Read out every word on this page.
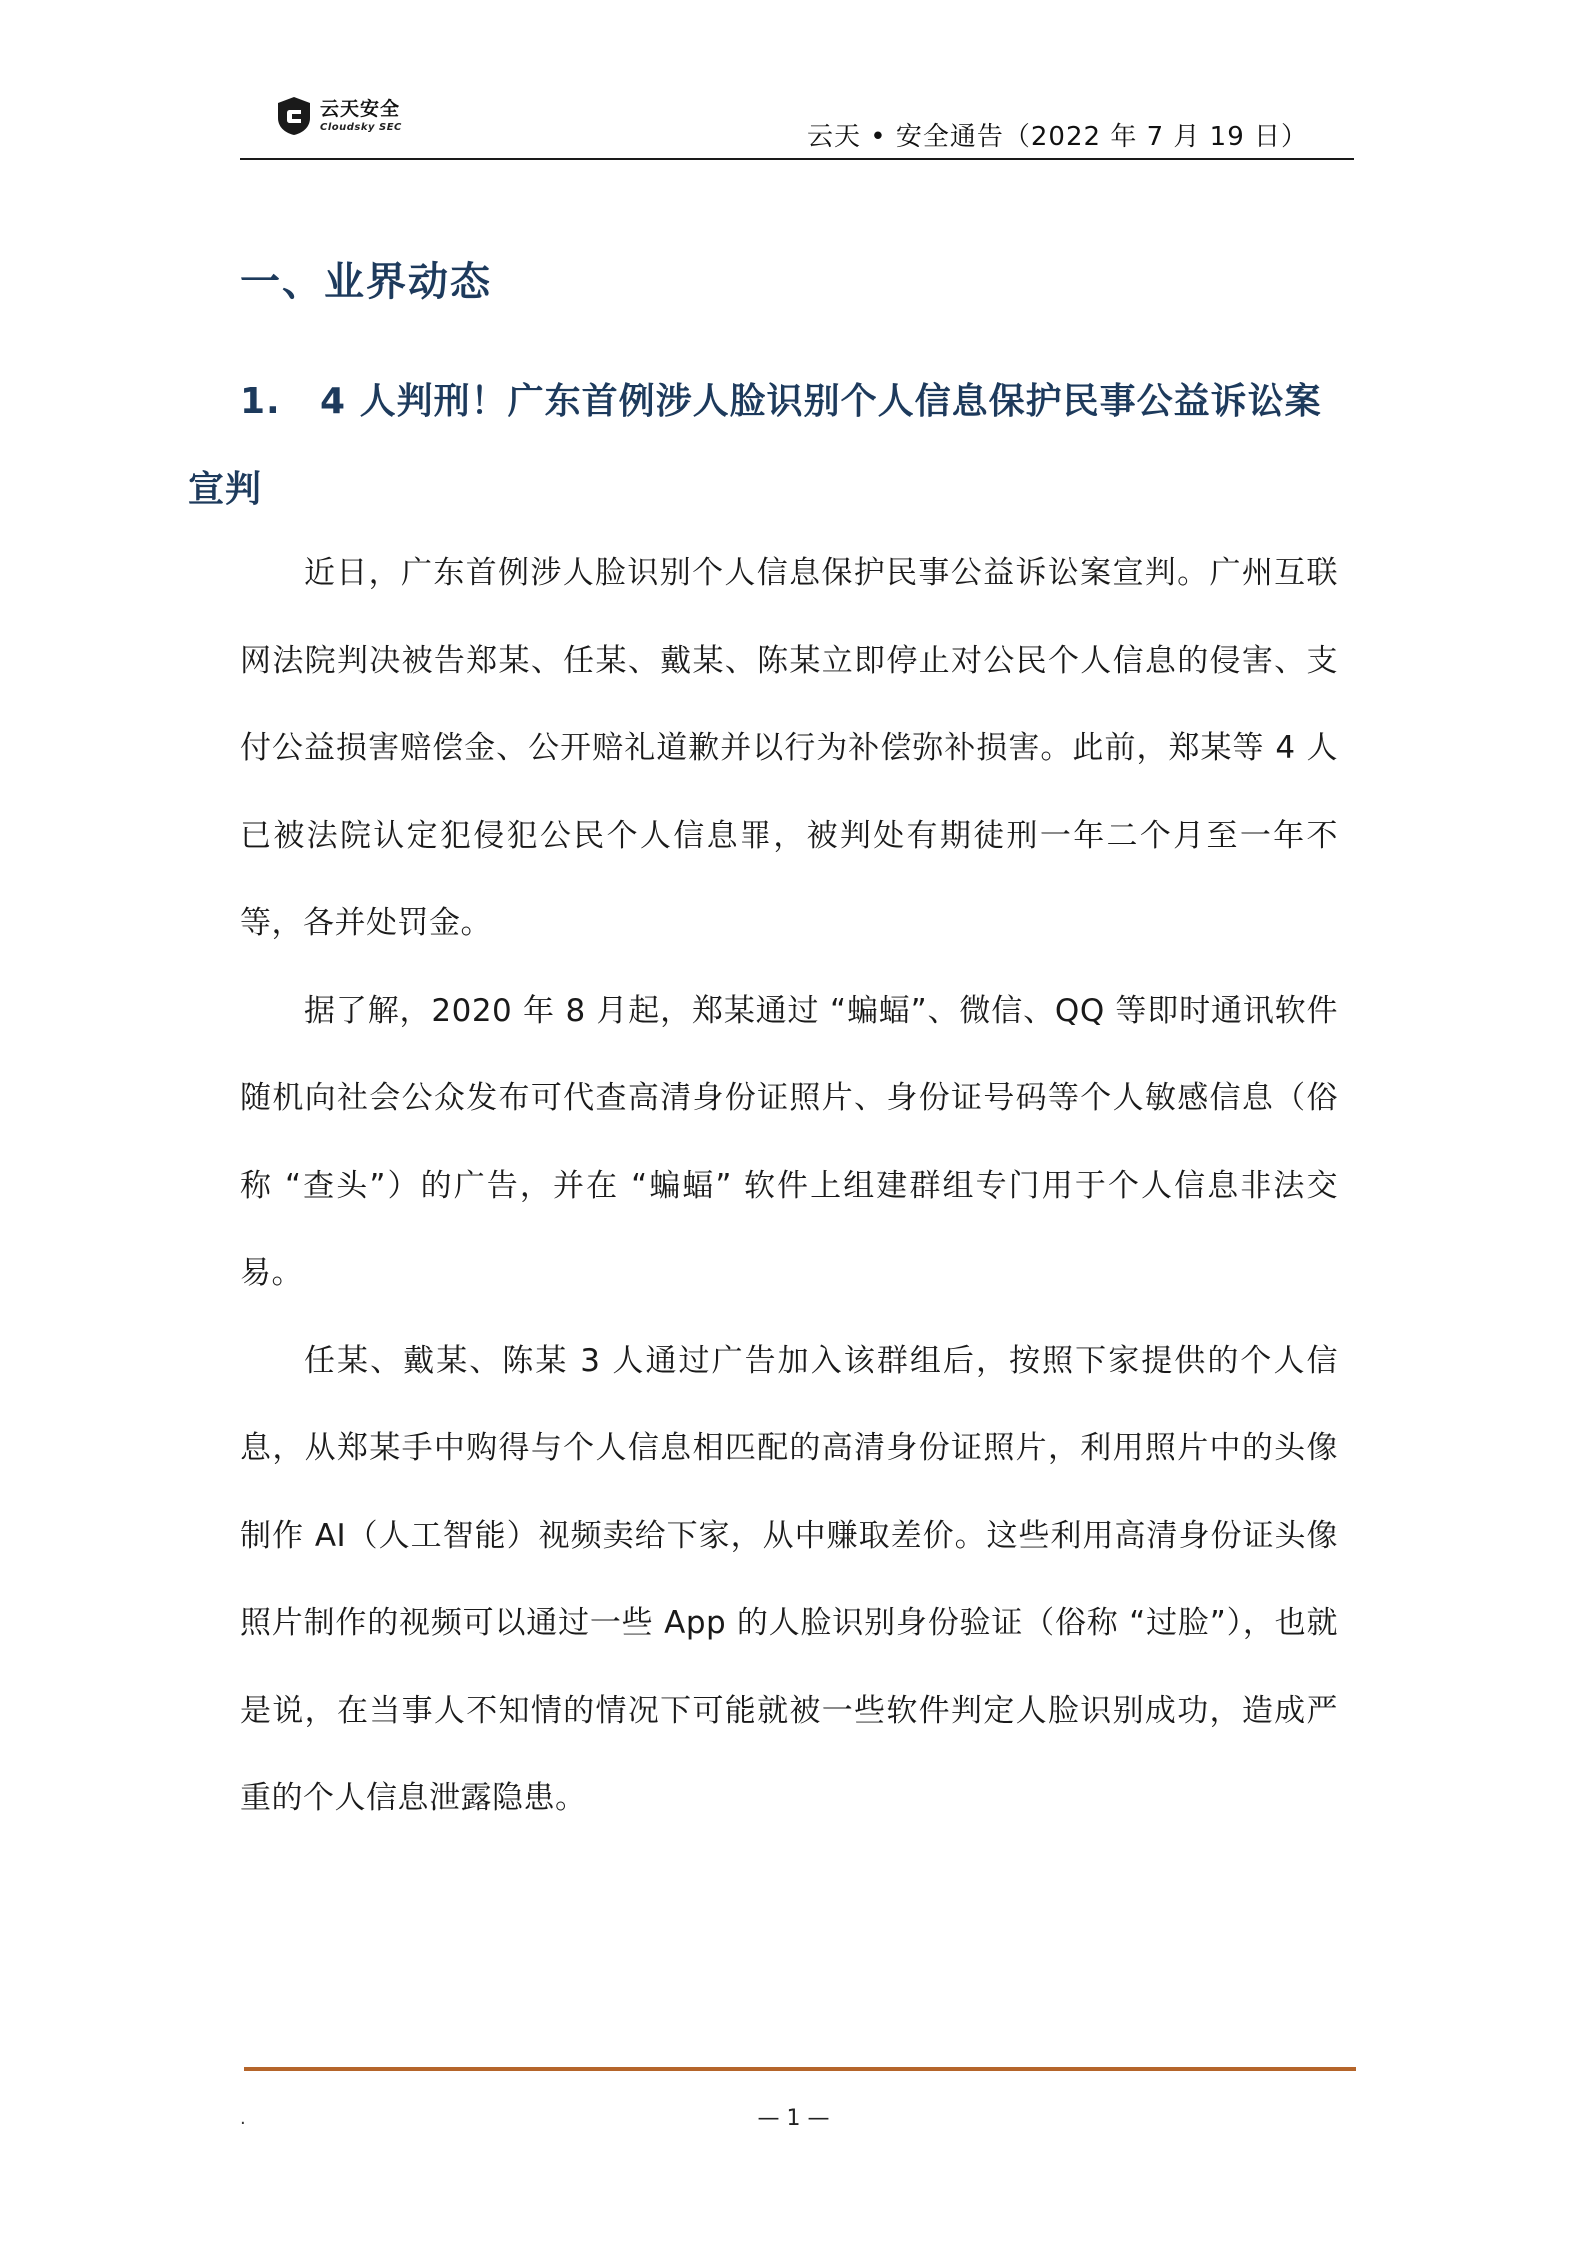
云天安全
Cloudsky SEC	云天 • 安全通告（2022 年 7 月 19 日）
一、业界动态
1. 4 人判刑！广东首例涉人脸识别个人信息保护民事公益诉讼案宣判

近日，广东首例涉人脸识别个人信息保护民事公益诉讼案宣判。广州互联网法院判决被告郑某、任某、戴某、陈某立即停止对公民个人信息的侵害、支付公益损害赔偿金、公开赔礼道歉并以行为补偿弥补损害。此前，郑某等 4 人已被法院认定犯侵犯公民个人信息罪，被判处有期徒刑一年二个月至一年不等，各并处罚金。

据了解，2020 年 8 月起，郑某通过 “蝙蝠”、微信、QQ 等即时通讯软件随机向社会公众发布可代查高清身份证照片、身份证号码等个人敏感信息（俗称 “查头”）的广告，并在 “蝙蝠” 软件上组建群组专门用于个人信息非法交易。

任某、戴某、陈某 3 人通过广告加入该群组后，按照下家提供的个人信息，从郑某手中购得与个人信息相匹配的高清身份证照片，利用照片中的头像制作 AI（人工智能）视频卖给下家，从中赚取差价。这些利用高清身份证头像照片制作的视频可以通过一些 App 的人脸识别身份验证（俗称 “过脸”），也就是说，在当事人不知情的情况下可能就被一些软件判定人脸识别成功，造成严重的个人信息泄露隐患。

.	— 1 —
